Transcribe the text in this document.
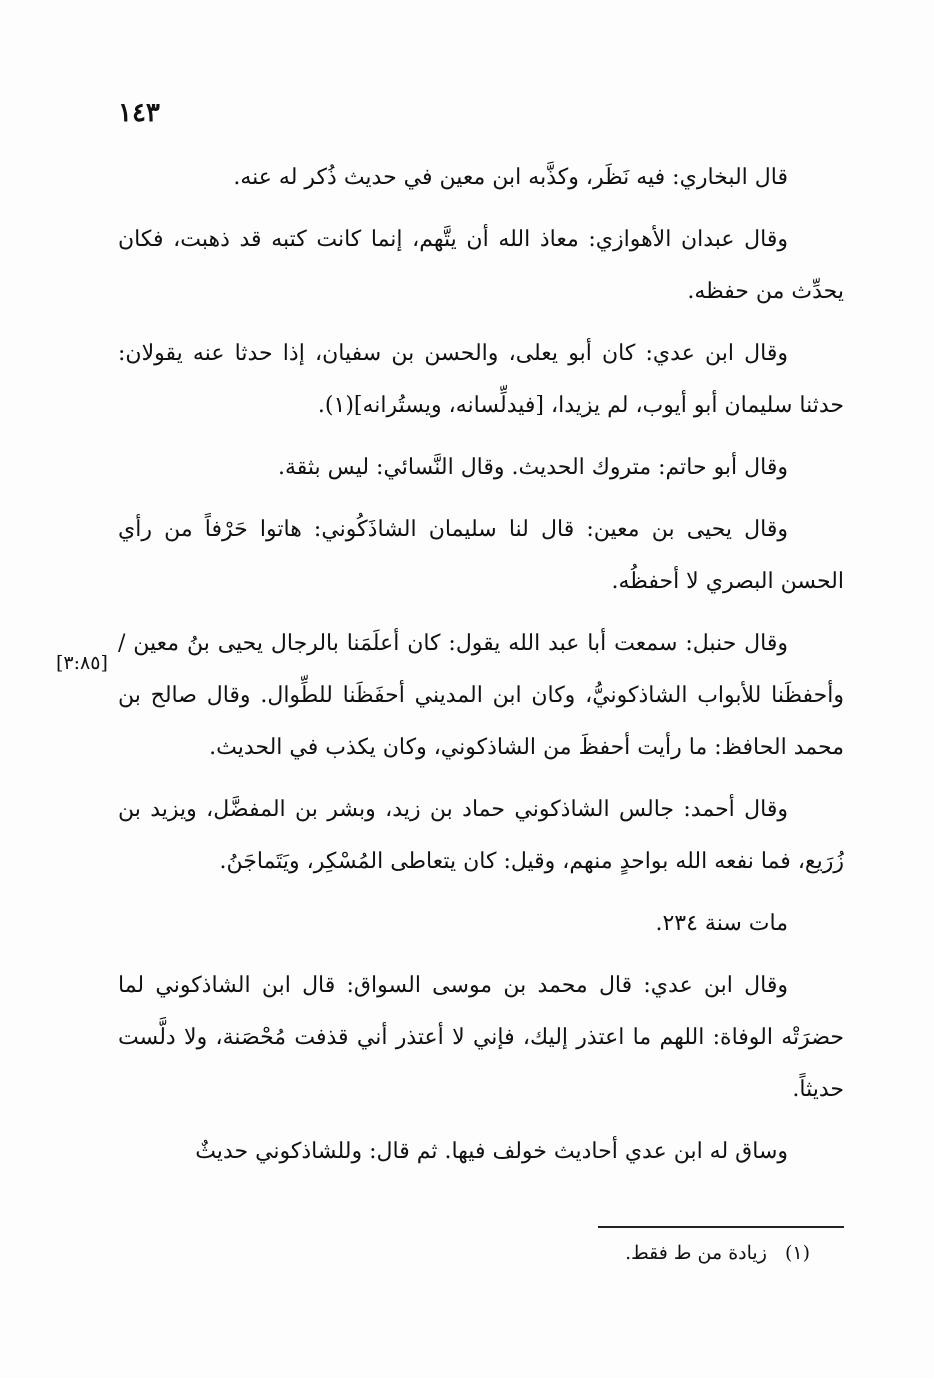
١٤٣
[٣:٨٥]

قال البخاري: فيه نَظَر، وكذَّبه ابن معين في حديث ذُكر له عنه.

وقال عبدان الأهوازي: معاذ الله أن يتَّهم، إنما كانت كتبه قد ذهبت، فكان يحدِّث من حفظه.

وقال ابن عدي: كان أبو يعلى، والحسن بن سفيان، إذا حدثا عنه يقولان: حدثنا سليمان أبو أيوب، لم يزيدا، [فيدلِّسانه، ويستُرانه](١).

وقال أبو حاتم: متروك الحديث. وقال النَّسائي: ليس بثقة.

وقال يحيى بن معين: قال لنا سليمان الشاذَكُوني: هاتوا حَرْفاً من رأي الحسن البصري لا أحفظُه.

وقال حنبل: سمعت أبا عبد الله يقول: كان أعلَمَنا بالرجال يحيى بنُ معين / وأحفظَنا للأبواب الشاذكونيُّ، وكان ابن المديني أحفَظَنا للطِّوال. وقال صالح بن محمد الحافظ: ما رأيت أحفظَ من الشاذكوني، وكان يكذب في الحديث.

وقال أحمد: جالس الشاذكوني حماد بن زيد، وبشر بن المفضَّل، ويزيد بن زُرَيع، فما نفعه الله بواحدٍ منهم، وقيل: كان يتعاطى المُسْكِر، ويَتَماجَنُ.

مات سنة ٢٣٤.

وقال ابن عدي: قال محمد بن موسى السواق: قال ابن الشاذكوني لما حضرَتْه الوفاة: اللهم ما اعتذر إليك، فإني لا أعتذر أني قذفت مُحْصَنة، ولا دلَّست حديثاً.

وساق له ابن عدي أحاديث خولف فيها. ثم قال: وللشاذكوني حديثٌ

(١) زيادة من ط فقط.
